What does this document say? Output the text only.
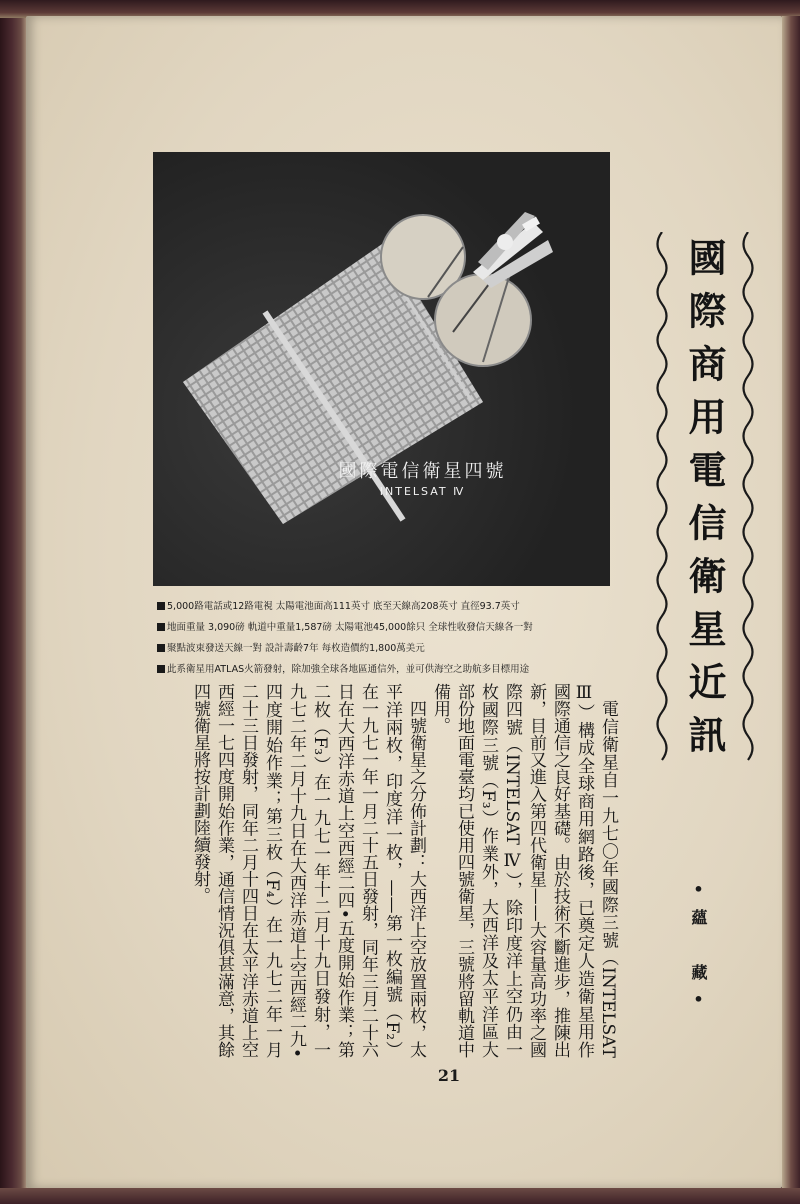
國際電信衛星四號
INTELSAT Ⅳ
5,000路電話或12路電視 太陽電池面高111英寸 底至天線高208英寸 直徑93.7英寸
地面重量 3,090磅 軌道中重量1,587磅 太陽電池45,000餘只 全球性收發信天線各一對
聚點波束發送天線一對 設計壽齡7年 每枚造價約1,800萬美元
此系衛星用ATLAS火箭發射，除加強全球各地區通信外，並可供海空之助航多目標用途	國際商用電信衛星近訊
•蘊 藏•

電信衛星自一九七〇年國際三號（INTELSAT Ⅲ）構成全球商用網路後，已奠定人造衛星用作國際通信之良好基礎。由於技術不斷進步，推陳出新，目前又進入第四代衛星——大容量高功率之國際四號（INTELSAT Ⅳ），除印度洋上空仍由一枚國際三號（F₃）作業外，大西洋及太平洋區大部份地面電臺均已使用四號衛星，三號將留軌道中備用。

四號衛星之分佈計劃：大西洋上空放置兩枚，太平洋兩枚，印度洋一枚，——第一枚編號（F₂）在一九七一年一月二十五日發射，同年三月二十六日在大西洋赤道上空西經二四•五度開始作業；第二枚（F₃）在一九七一年十二月十九日發射，一九七二年二月十九日在大西洋赤道上空西經二九•四度開始作業；第三枚（F₄）在一九七二年一月二十三日發射，同年二月十四日在太平洋赤道上空西經一七四度開始作業，通信情況俱甚滿意，其餘四號衛星將按計劃陸續發射。

21
